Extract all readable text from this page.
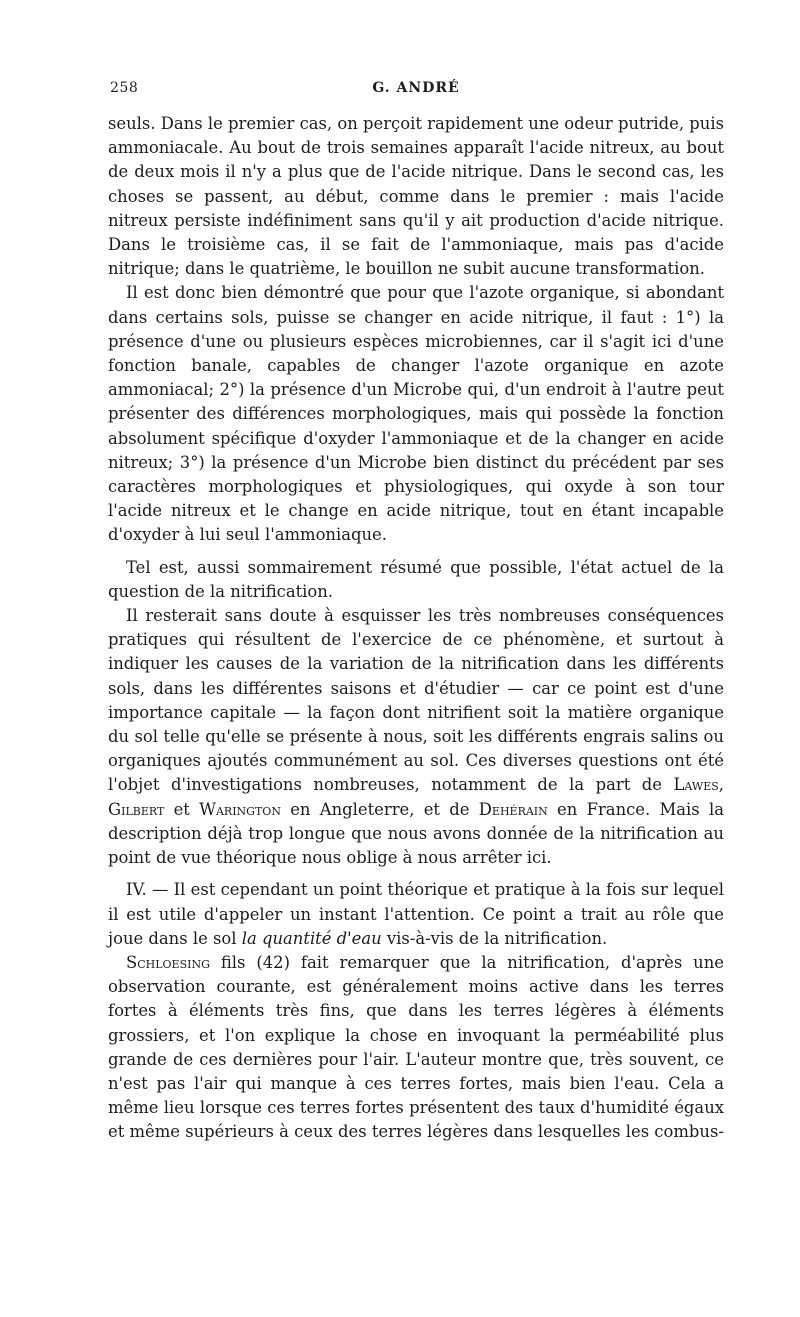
258	G. ANDRÉ

seuls. Dans le premier cas, on perçoit rapidement une odeur putride, puis ammoniacale. Au bout de trois semaines apparaît l'acide nitreux, au bout de deux mois il n'y a plus que de l'acide nitrique. Dans le second cas, les choses se passent, au début, comme dans le premier : mais l'acide nitreux persiste indéfiniment sans qu'il y ait production d'acide nitrique. Dans le troisième cas, il se fait de l'ammoniaque, mais pas d'acide nitrique; dans le quatrième, le bouillon ne subit aucune transformation.

Il est donc bien démontré que pour que l'azote organique, si abondant dans certains sols, puisse se changer en acide nitrique, il faut : 1°) la présence d'une ou plusieurs espèces microbiennes, car il s'agit ici d'une fonction banale, capables de changer l'azote organique en azote ammoniacal; 2°) la présence d'un Microbe qui, d'un endroit à l'autre peut présenter des différences morphologiques, mais qui possède la fonction absolument spécifique d'oxyder l'ammoniaque et de la changer en acide nitreux; 3°) la présence d'un Microbe bien distinct du précédent par ses caractères morphologiques et physiologiques, qui oxyde à son tour l'acide nitreux et le change en acide nitrique, tout en étant incapable d'oxyder à lui seul l'ammoniaque.

Tel est, aussi sommairement résumé que possible, l'état actuel de la question de la nitrification.

Il resterait sans doute à esquisser les très nombreuses conséquences pratiques qui résultent de l'exercice de ce phénomène, et surtout à indiquer les causes de la variation de la nitrification dans les différents sols, dans les différentes saisons et d'étudier — car ce point est d'une importance capitale — la façon dont nitrifient soit la matière organique du sol telle qu'elle se présente à nous, soit les différents engrais salins ou organiques ajoutés communément au sol. Ces diverses questions ont été l'objet d'investigations nombreuses, notamment de la part de Lawes, Gilbert et Warington en Angleterre, et de Dehérain en France. Mais la description déjà trop longue que nous avons donnée de la nitrification au point de vue théorique nous oblige à nous arrêter ici.

IV. — Il est cependant un point théorique et pratique à la fois sur lequel il est utile d'appeler un instant l'attention. Ce point a trait au rôle que joue dans le sol la quantité d'eau vis-à-vis de la nitrification.

Schloesing fils (42) fait remarquer que la nitrification, d'après une observation courante, est généralement moins active dans les terres fortes à éléments très fins, que dans les terres légères à éléments grossiers, et l'on explique la chose en invoquant la perméabilité plus grande de ces dernières pour l'air. L'auteur montre que, très souvent, ce n'est pas l'air qui manque à ces terres fortes, mais bien l'eau. Cela a même lieu lorsque ces terres fortes présentent des taux d'humidité égaux et même supérieurs à ceux des terres légères dans lesquelles les combus-
